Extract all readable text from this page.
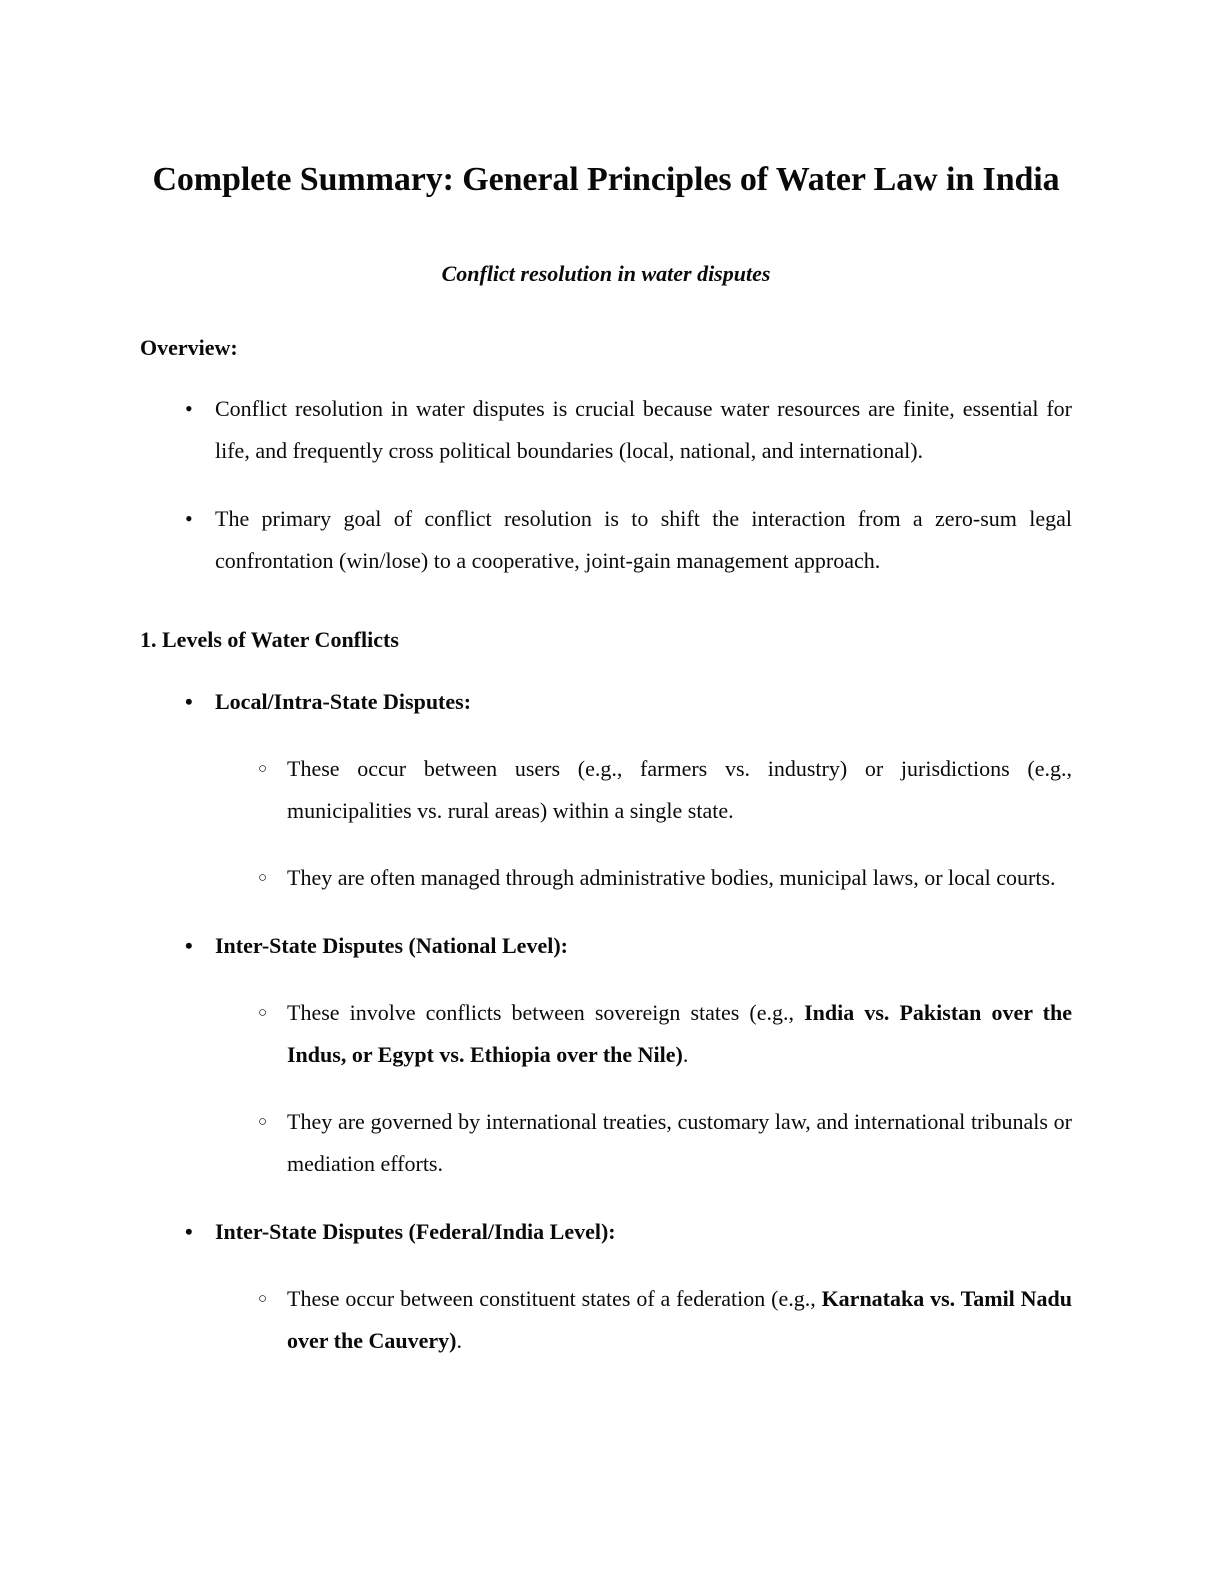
Complete Summary: General Principles of Water Law in India

Conflict resolution in water disputes

Overview:

• Conflict resolution in water disputes is crucial because water resources are finite, essential for life, and frequently cross political boundaries (local, national, and international).
• The primary goal of conflict resolution is to shift the interaction from a zero-sum legal confrontation (win/lose) to a cooperative, joint-gain management approach.

1. Levels of Water Conflicts

• Local/Intra-State Disputes:
○ These occur between users (e.g., farmers vs. industry) or jurisdictions (e.g., municipalities vs. rural areas) within a single state.
○ They are often managed through administrative bodies, municipal laws, or local courts.
• Inter-State Disputes (National Level):
○ These involve conflicts between sovereign states (e.g., India vs. Pakistan over the Indus, or Egypt vs. Ethiopia over the Nile).
○ They are governed by international treaties, customary law, and international tribunals or mediation efforts.
• Inter-State Disputes (Federal/India Level):
○ These occur between constituent states of a federation (e.g., Karnataka vs. Tamil Nadu over the Cauvery).
